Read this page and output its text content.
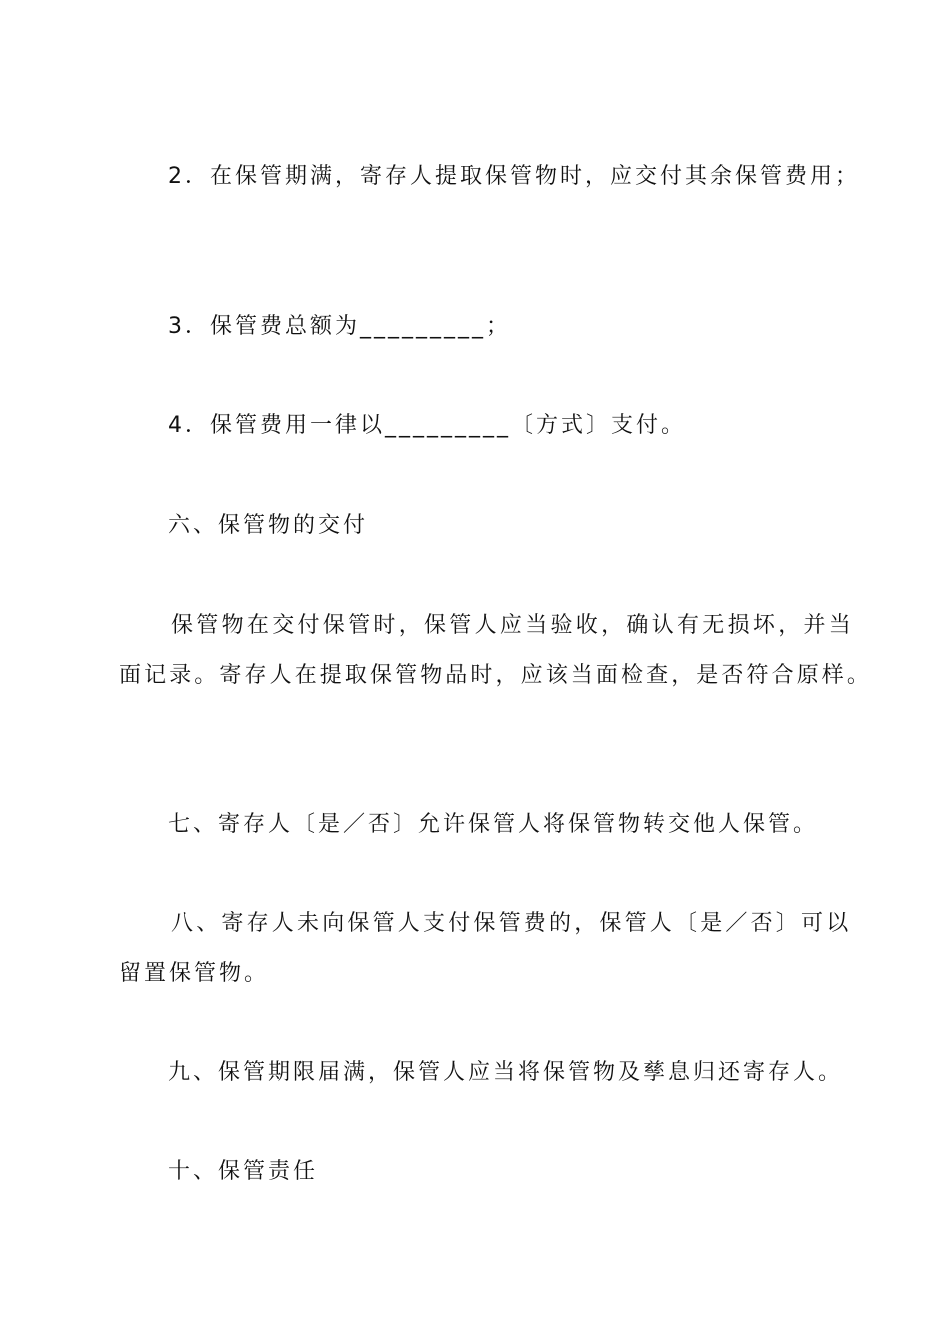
2．在保管期满，寄存人提取保管物时，应交付其余保管费用；
3．保管费总额为_________；
4．保管费用一律以_________〔方式〕支付。
六、保管物的交付
保管物在交付保管时，保管人应当验收，确认有无损坏，并当
面记录。寄存人在提取保管物品时，应该当面检查，是否符合原样。
七、寄存人〔是／否〕允许保管人将保管物转交他人保管。
八、寄存人未向保管人支付保管费的，保管人〔是／否〕可以
留置保管物。
九、保管期限届满，保管人应当将保管物及孳息归还寄存人。
十、保管责任
